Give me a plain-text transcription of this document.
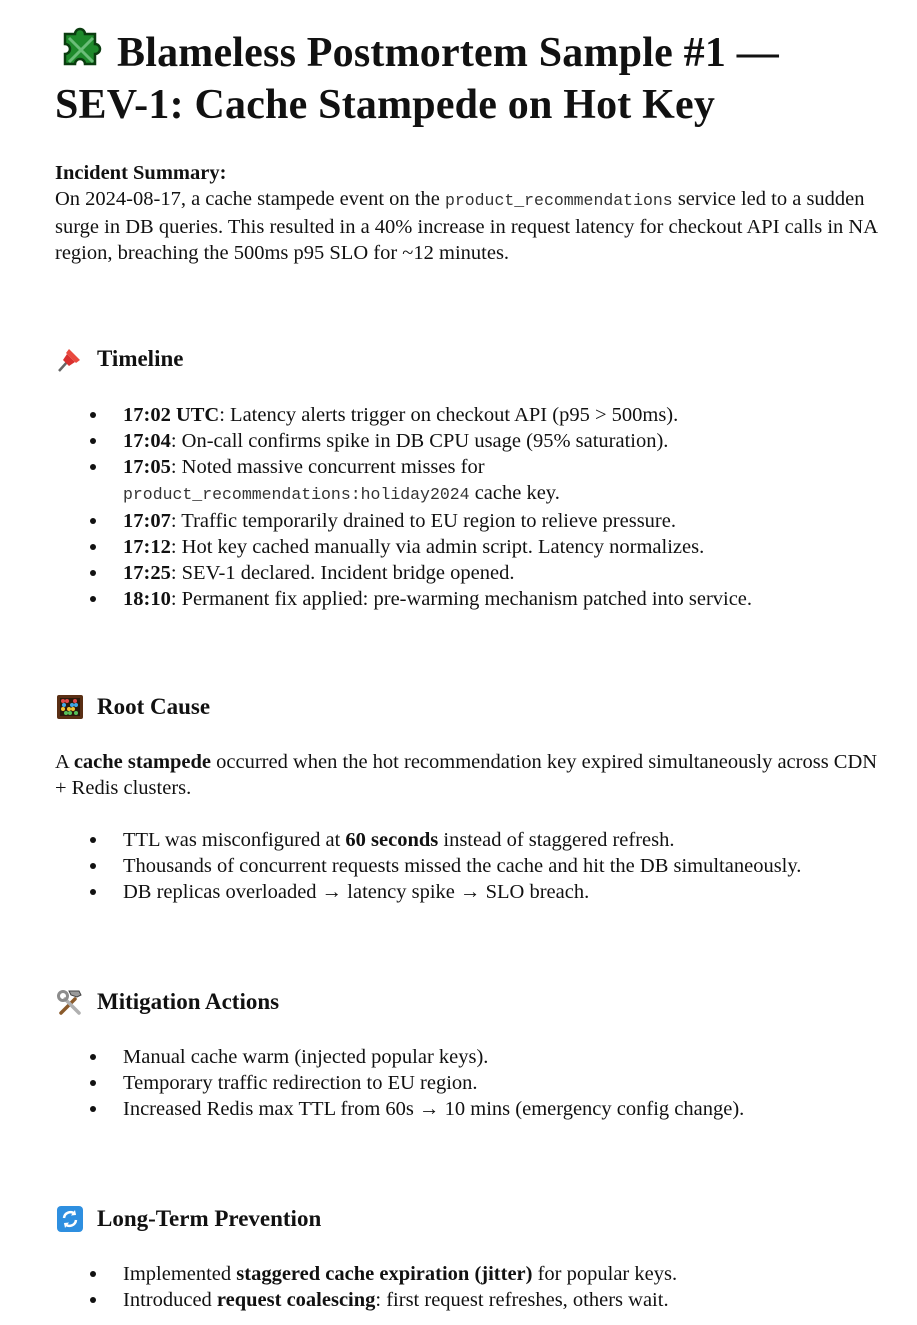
Blameless Postmortem Sample #1 —
SEV-1: Cache Stampede on Hot Key
Incident Summary:
On 2024-08-17, a cache stampede event on the product_recommendations service led to a sudden surge in DB queries. This resulted in a 40% increase in request latency for checkout API calls in NA region, breaching the 500ms p95 SLO for ~12 minutes.
Timeline
17:02 UTC: Latency alerts trigger on checkout API (p95 > 500ms).
17:04: On-call confirms spike in DB CPU usage (95% saturation).
17:05: Noted massive concurrent misses for
product_recommendations:holiday2024 cache key.
17:07: Traffic temporarily drained to EU region to relieve pressure.
17:12: Hot key cached manually via admin script. Latency normalizes.
17:25: SEV-1 declared. Incident bridge opened.
18:10: Permanent fix applied: pre-warming mechanism patched into service.
Root Cause
A cache stampede occurred when the hot recommendation key expired simultaneously across CDN + Redis clusters.
TTL was misconfigured at 60 seconds instead of staggered refresh.
Thousands of concurrent requests missed the cache and hit the DB simultaneously.
DB replicas overloaded → latency spike → SLO breach.
Mitigation Actions
Manual cache warm (injected popular keys).
Temporary traffic redirection to EU region.
Increased Redis max TTL from 60s → 10 mins (emergency config change).
Long-Term Prevention
Implemented staggered cache expiration (jitter) for popular keys.
Introduced request coalescing: first request refreshes, others wait.
